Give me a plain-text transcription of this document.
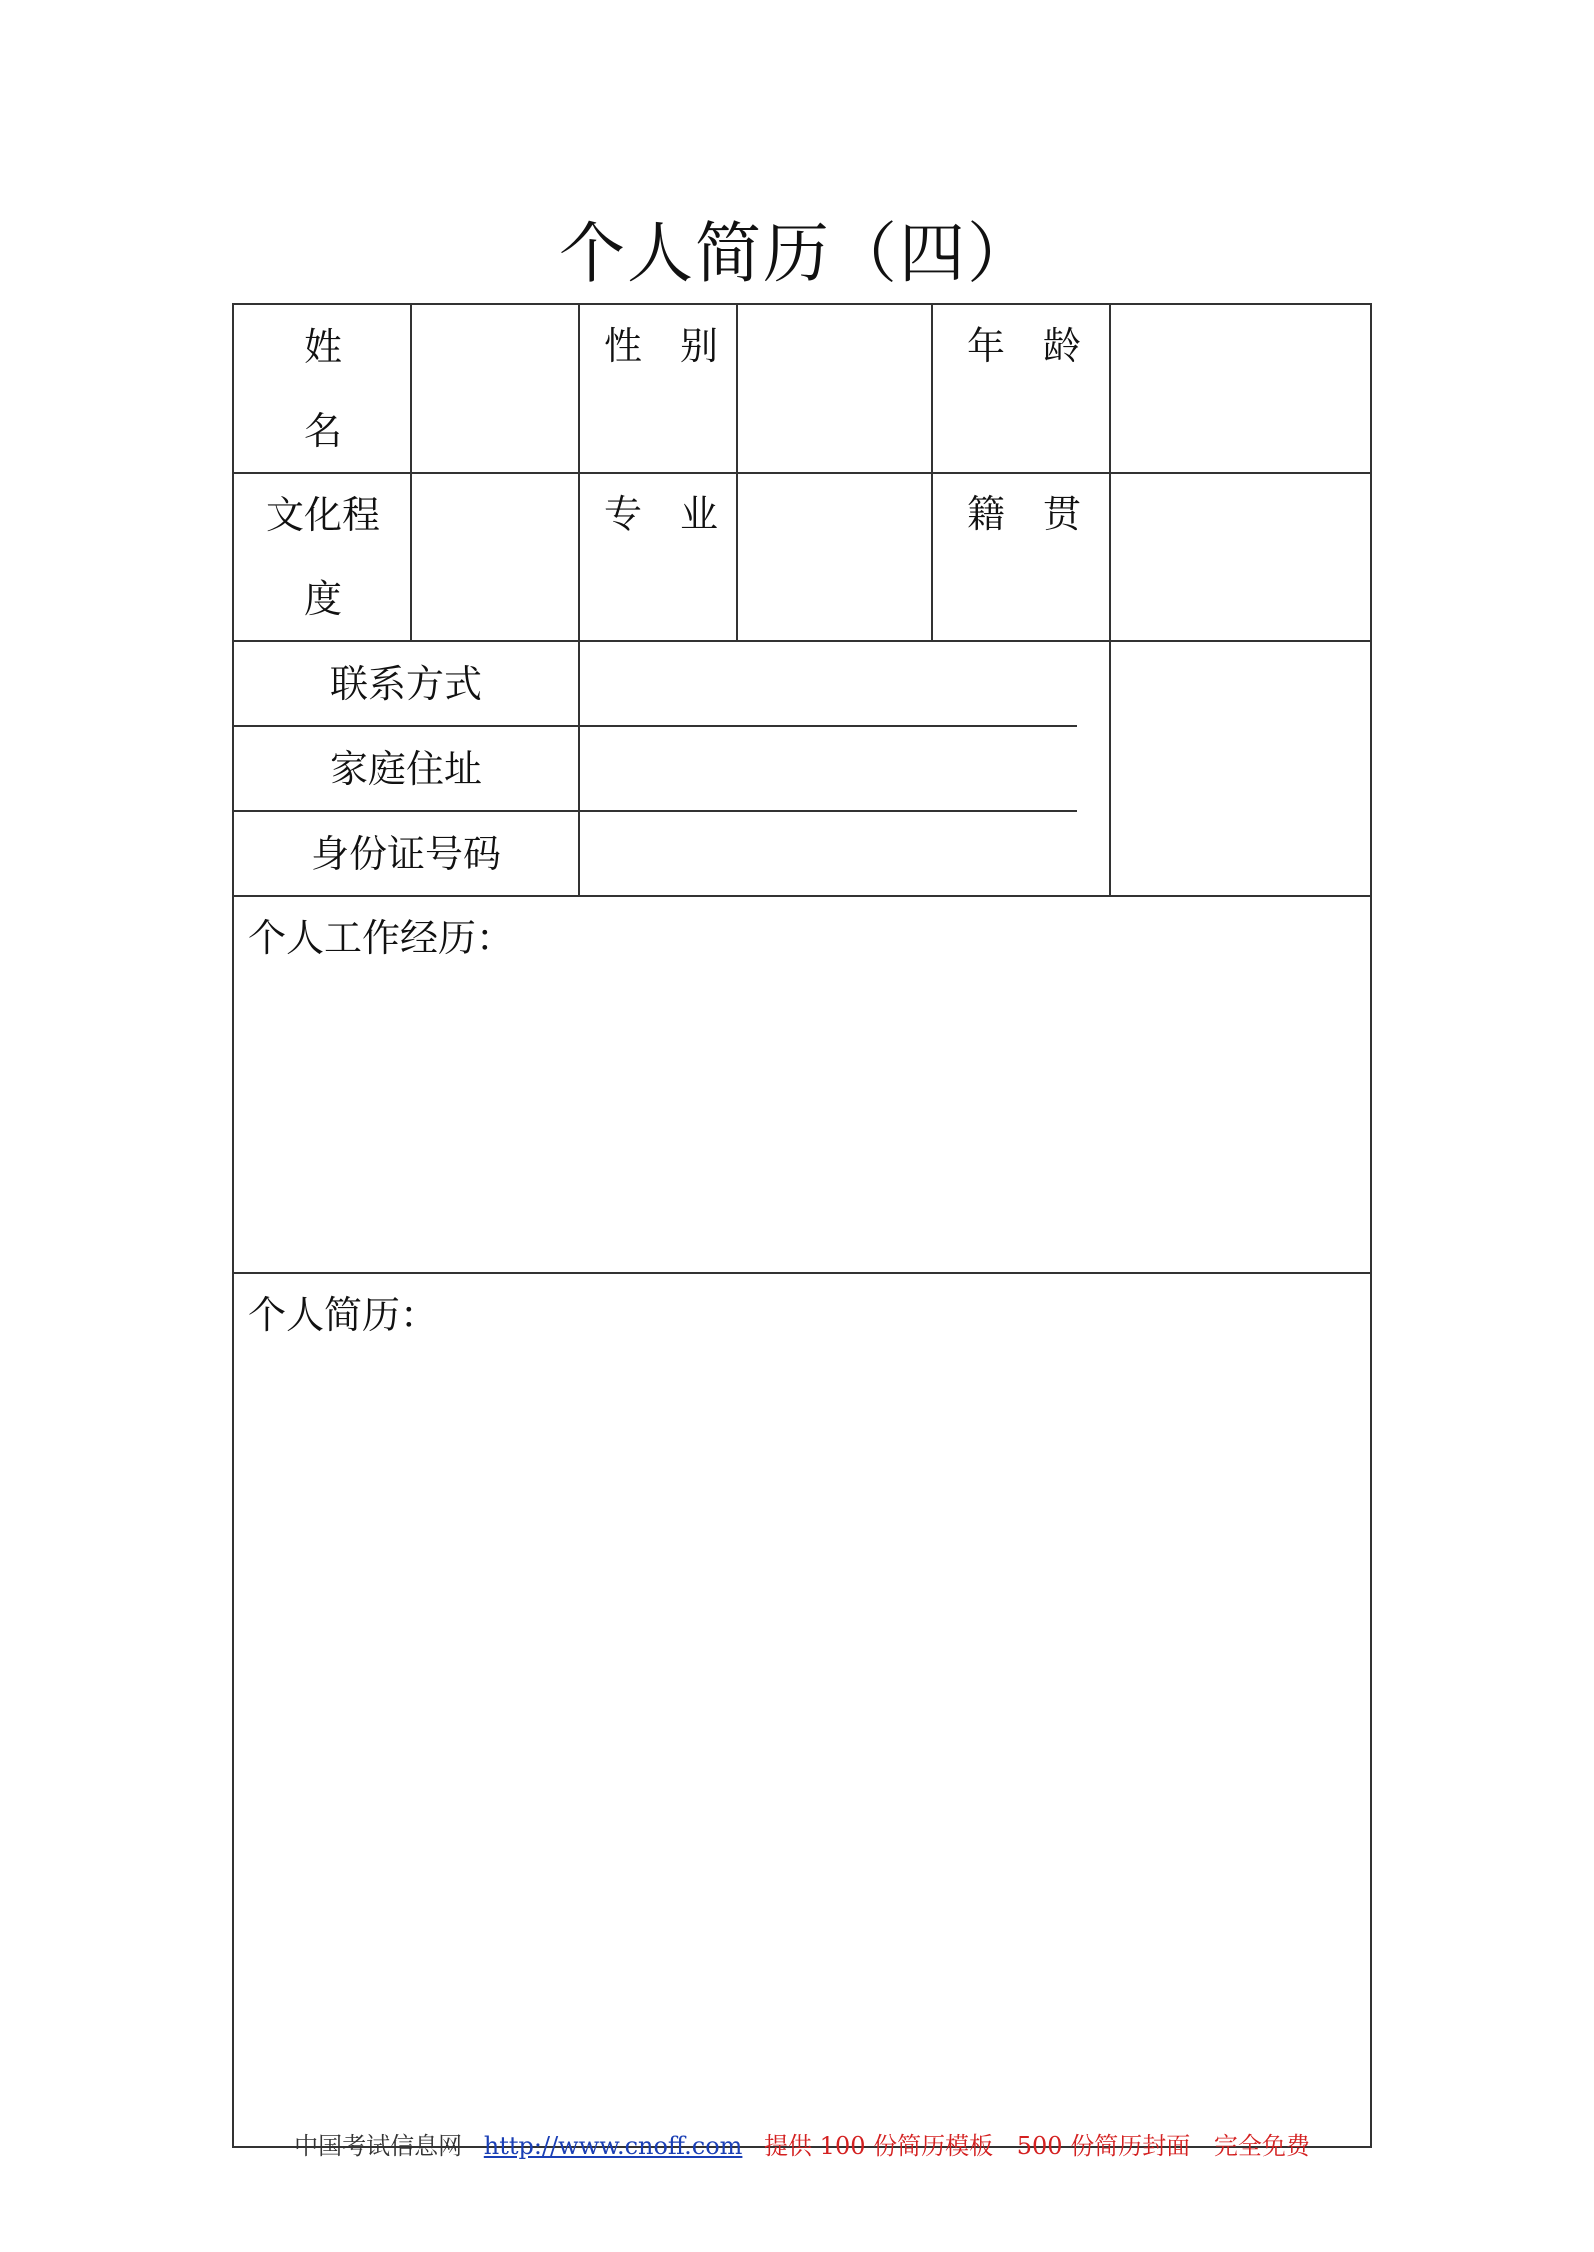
个人简历（四）
姓
名
性　别	年　龄
文化程
度
专　业	籍　贯
联系方式
家庭住址
身份证号码
个人工作经历：
个人简历：
中国考试信息网 http://www.cnoff.com 提供 100 份简历模板 500 份简历封面 完全免费
